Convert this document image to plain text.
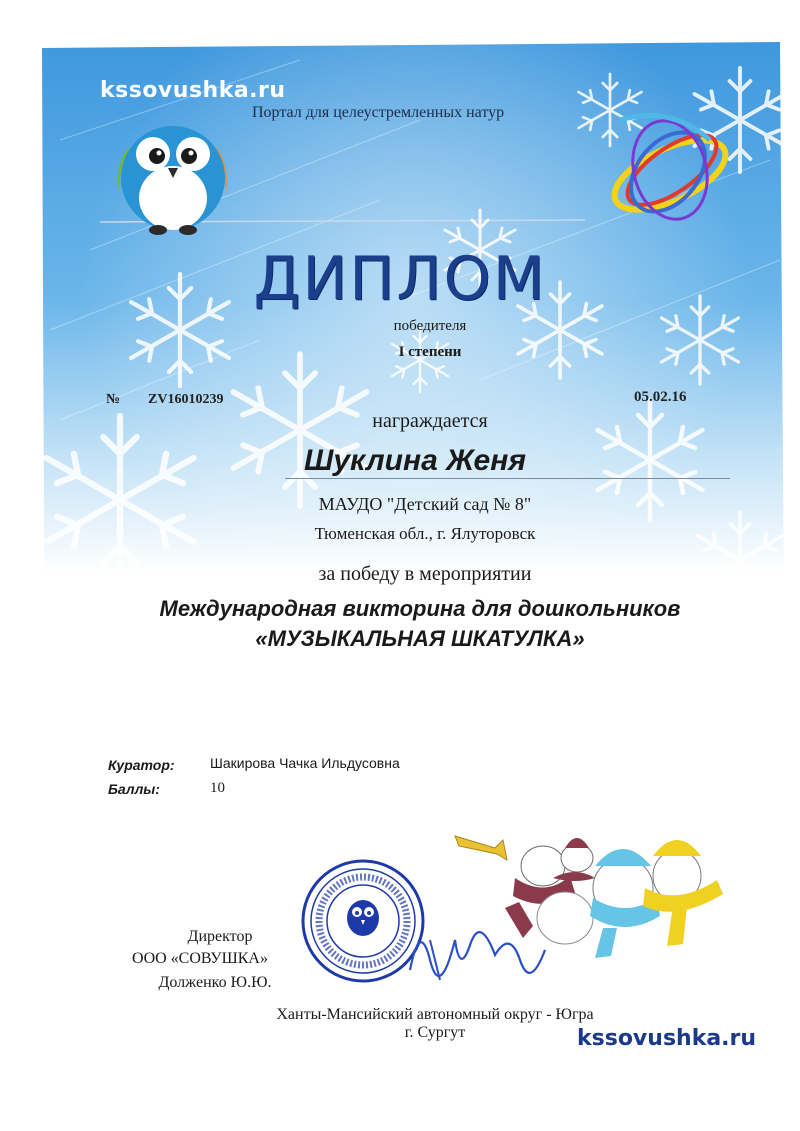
kssovushka.ru
Портал для целеустремленных натур
ДИПЛОМ
победителя
I степени
№ ZV16010239	05.02.16
награждается
Шуклина Женя
МАУДО "Детский сад № 8"
Тюменская обл., г. Ялуторовск
за победу в мероприятии
Международная викторина для дошкольников
«МУЗЫКАЛЬНАЯ ШКАТУЛКА»
Куратор:	Шакирова Чачка Ильдусовна
Баллы:	10
Директор
ООО «СОВУШКА»
Долженко Ю.Ю.
Ханты-Мансийский автономный округ - Югра
г. Сургут	kssovushka.ru
